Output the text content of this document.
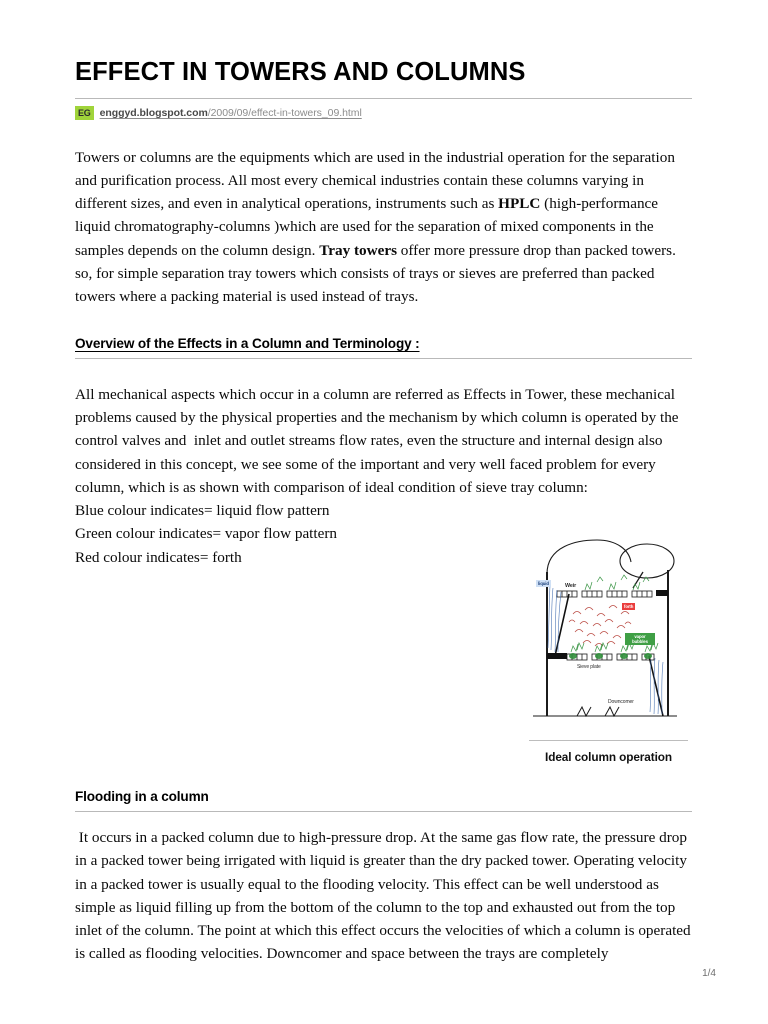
EFFECT IN TOWERS AND COLUMNS
EG enggyd.blogspot.com/2009/09/effect-in-towers_09.html

Towers or columns are the equipments which are used in the industrial operation for the separation and purification process. All most every chemical industries contain these columns varying in different sizes, and even in analytical operations, instruments such as HPLC (high-performance liquid chromatography-columns )which are used for the separation of mixed components in the samples depends on the column design. Tray towers offer more pressure drop than packed towers. so, for simple separation tray towers which consists of trays or sieves are preferred than packed towers where a packing material is used instead of trays.

Overview of the Effects in a Column and Terminology :

All mechanical aspects which occur in a column are referred as Effects in Tower, these mechanical problems caused by the physical properties and the mechanism by which column is operated by the control valves and  inlet and outlet streams flow rates, even the structure and internal design also considered in this concept, we see some of the important and very well faced problem for every column, which is as shown with comparison of ideal condition of sieve tray column:

Blue colour indicates= liquid flow pattern

Green colour indicates= vapor flow pattern

Red colour indicates= forth

liquid	Weir
forth
vapor bubbles
Sieve plate
Downcomer
Ideal column operation
Flooding in a column

It occurs in a packed column due to high-pressure drop. At the same gas flow rate, the pressure drop in a packed tower being irrigated with liquid is greater than the dry packed tower. Operating velocity in a packed tower is usually equal to the flooding velocity. This effect can be well understood as simple as liquid filling up from the bottom of the column to the top and exhausted out from the top inlet of the column. The point at which this effect occurs the velocities of which a column is operated is called as flooding velocities. Downcomer and space between the trays are completely

1/4
